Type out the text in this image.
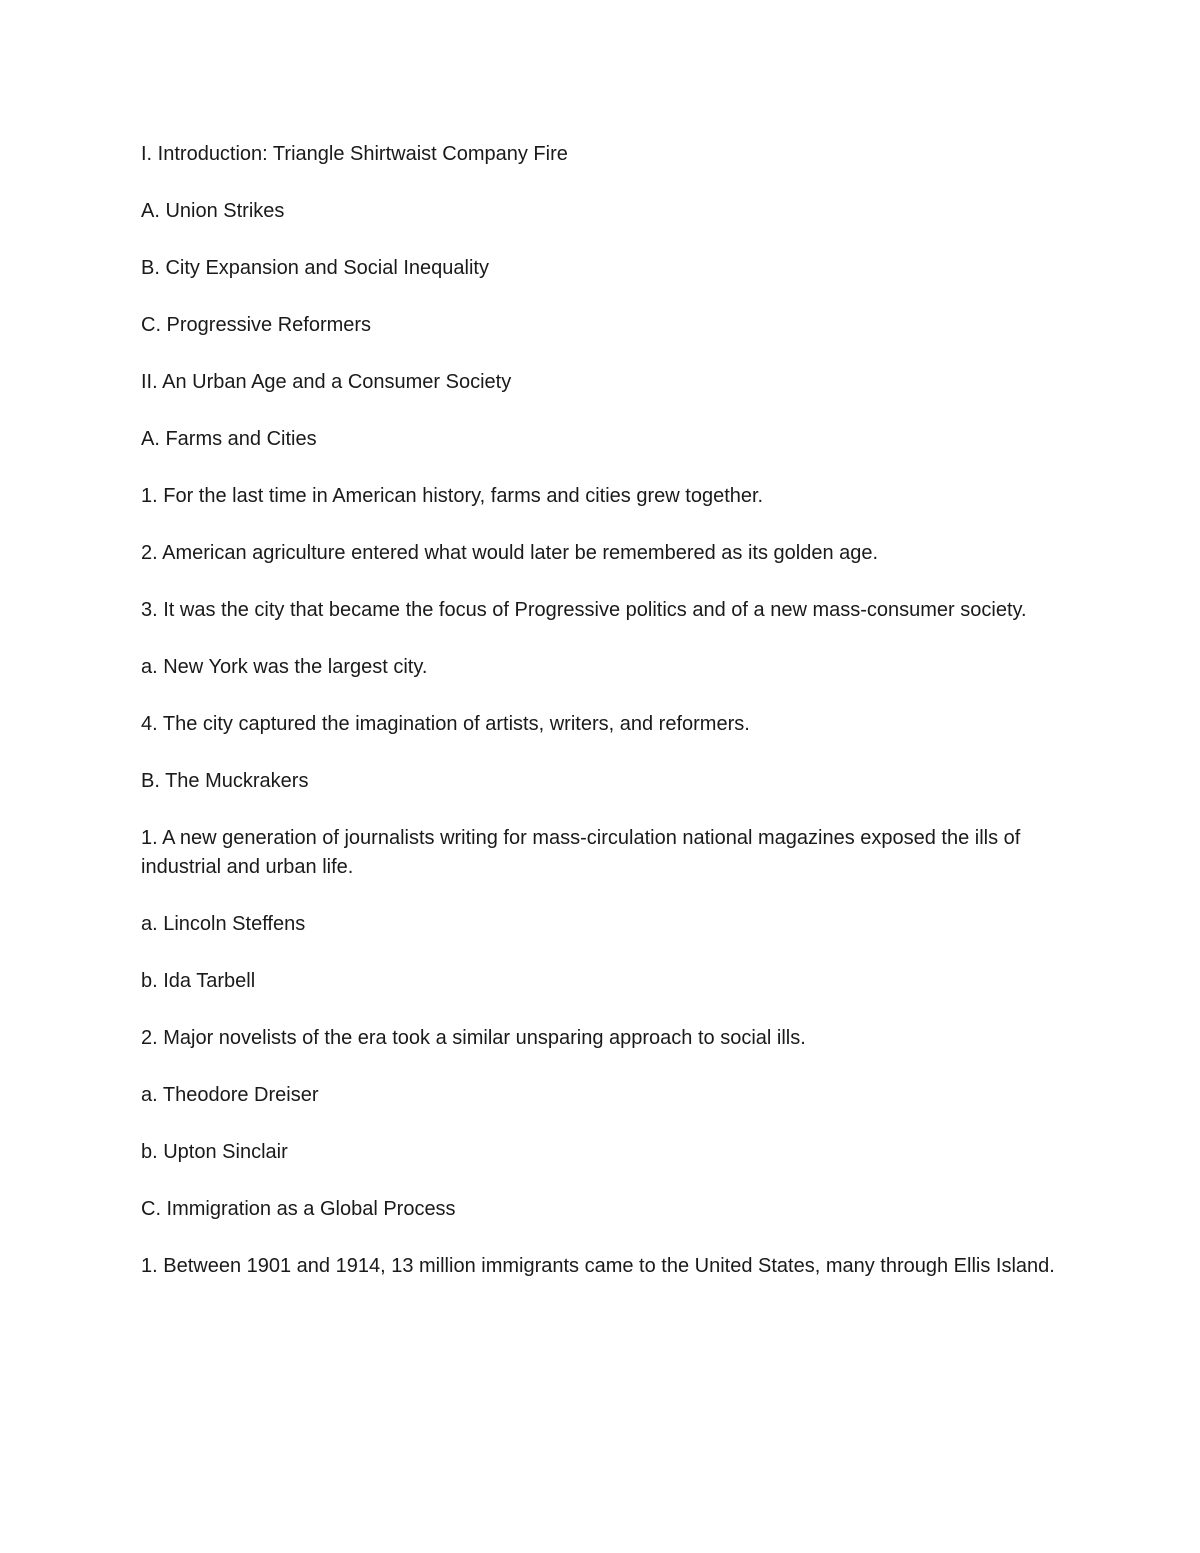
I. Introduction: Triangle Shirtwaist Company Fire

A. Union Strikes

B. City Expansion and Social Inequality

C. Progressive Reformers

II. An Urban Age and a Consumer Society

A. Farms and Cities

1. For the last time in American history, farms and cities grew together.

2. American agriculture entered what would later be remembered as its golden age.

3. It was the city that became the focus of Progressive politics and of a new mass-consumer society.

a. New York was the largest city.

4. The city captured the imagination of artists, writers, and reformers.

B. The Muckrakers

1. A new generation of journalists writing for mass-circulation national magazines exposed the ills of industrial and urban life.

a. Lincoln Steffens

b. Ida Tarbell

2. Major novelists of the era took a similar unsparing approach to social ills.

a. Theodore Dreiser

b. Upton Sinclair

C. Immigration as a Global Process

1. Between 1901 and 1914, 13 million immigrants came to the United States, many through Ellis Island.
